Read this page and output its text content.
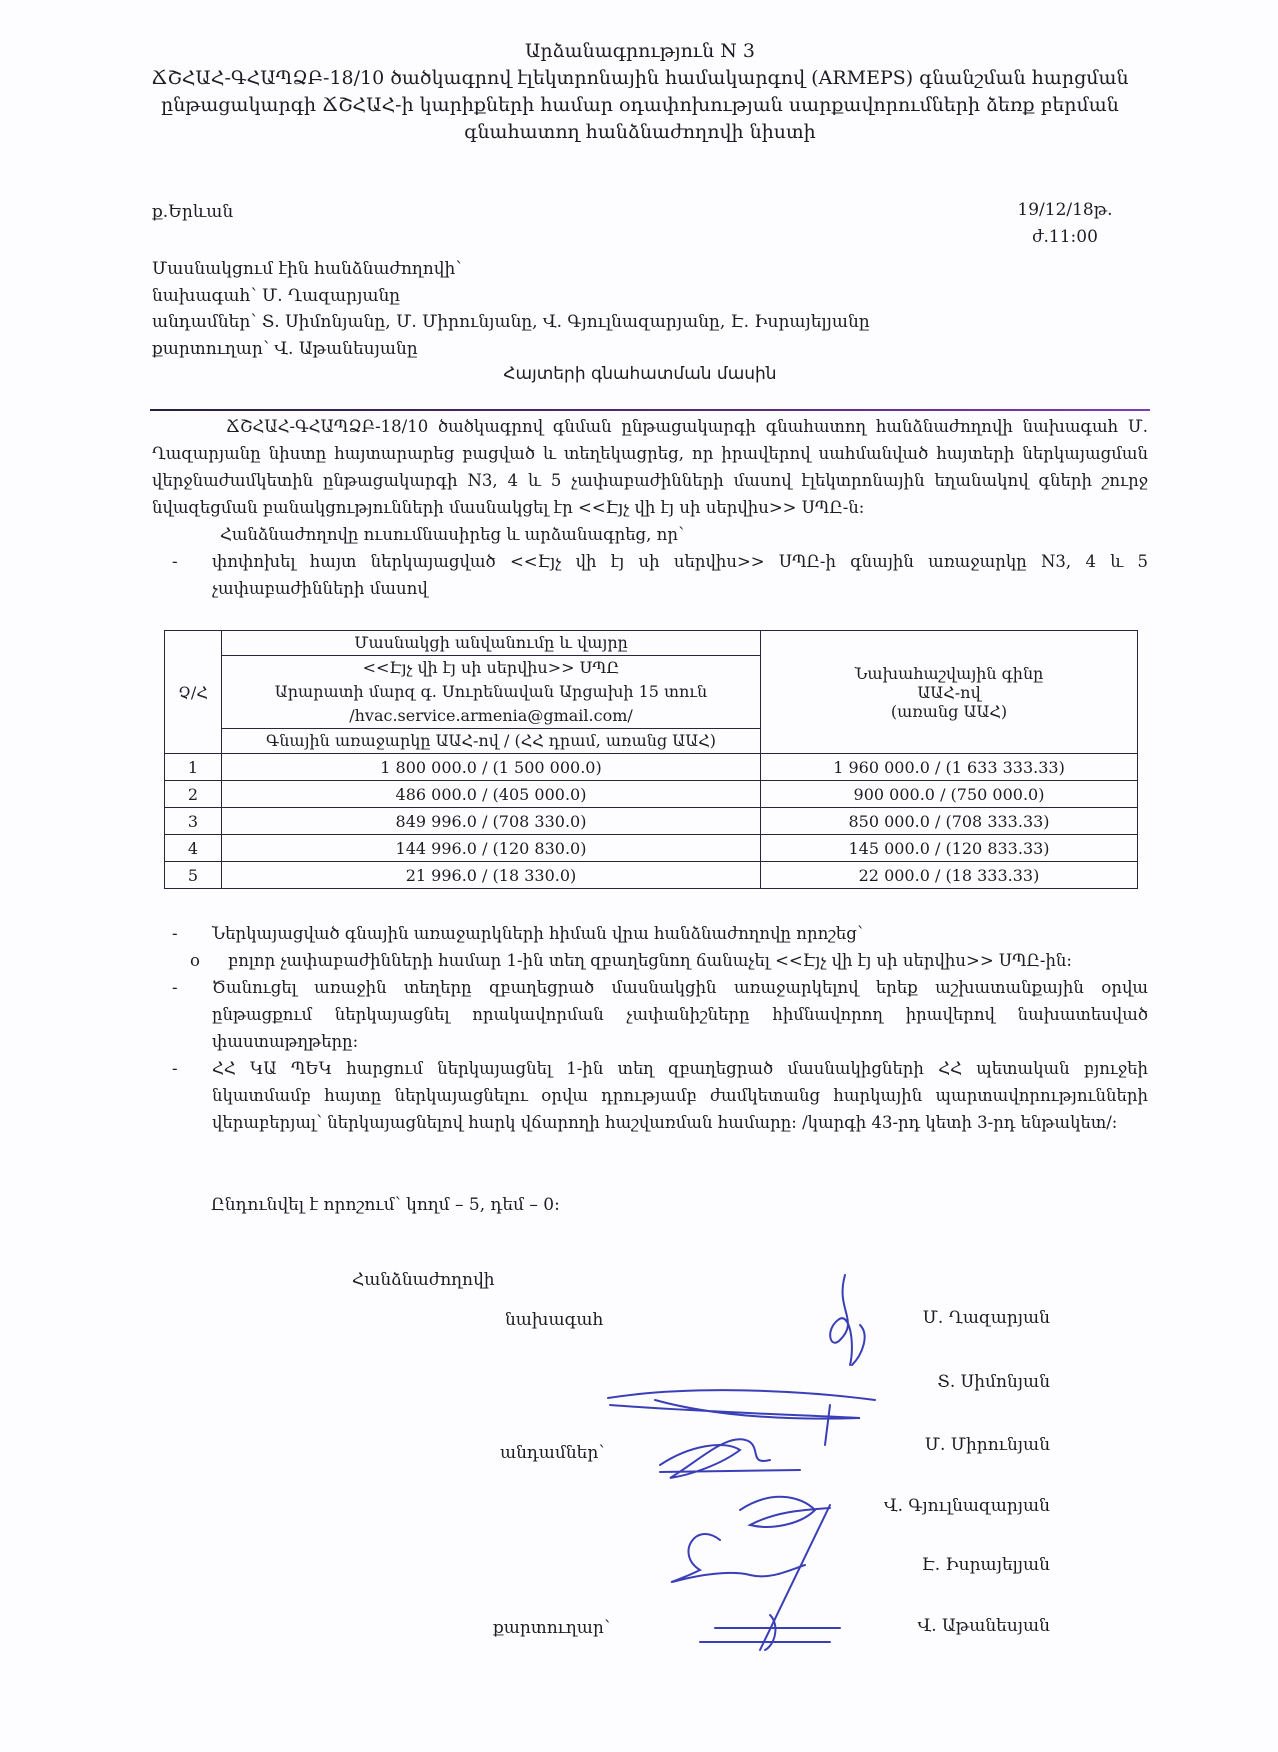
Արձանագրություն N 3
ՃՇՀԱՀ-ԳՀԱՊՁԲ-18/10 ծածկագրով էլեկտրոնային համակարգով (ARMEPS) գնանշման հարցման
ընթացակարգի ՃՇՀԱՀ-ի կարիքների համար օդափոխության սարքավորումների ձեռք բերման
գնահատող հանձնաժողովի նիստի
ք.Երևան	19/12/18թ.
ժ.11:00
Մասնակցում էին հանձնաժողովի՝
նախագահ՝ Մ. Ղազարյանը
անդամներ՝ Տ. Սիմոնյանը, Մ. Միրունյանը, Վ. Գյուլնազարյանը, Է. Իսրայելյանը
քարտուղար՝ Վ. Աթանեսյանը
Հայտերի գնահատման մասին

ՃՇՀԱՀ-ԳՀԱՊՁԲ-18/10 ծածկագրով գնման ընթացակարգի գնահատող հանձնաժողովի նախագահ Մ. Ղազարյանը նիստը հայտարարեց բացված և տեղեկացրեց, որ իրավերով սահմանված հայտերի ներկայացման վերջնաժամկետին ընթացակարգի N3, 4 և 5 չափաբաժինների մասով էլեկտրոնային եղանակով գների շուրջ նվազեցման բանակցությունների մասնակցել էր <<Էյչ վի էյ սի սերվիս>> ՍՊԸ-ն:

Հանձնաժողովը ուսումնասիրեց և արձանագրեց, որ՝

-	փոփոխել հայտ ներկայացված <<Էյչ վի էյ սի սերվիս>> ՍՊԸ-ի գնային առաջարկը N3, 4 և 5 չափաբաժինների մասով
Չ/Հ	Մասնակցի անվանումը և վայրը	Նախահաշվային գինը
ԱԱՀ-ով
(առանց ԱԱՀ)

	<<Էյչ վի էյ սի սերվիս>> ՍՊԸ
Արարատի մարզ գ. Սուրենավան Արցախի 15 տուն
/hvac.service.armenia@gmail.com/	

	Գնային առաջարկը ԱԱՀ-ով / (ՀՀ դրամ, առանց ԱԱՀ)	
1	1 800 000.0 / (1 500 000.0)	1 960 000.0 / (1 633 333.33)
2	486 000.0 / (405 000.0)	900 000.0 / (750 000.0)
3	849 996.0 / (708 330.0)	850 000.0 / (708 333.33)
4	144 996.0 / (120 830.0)	145 000.0 / (120 833.33)
5	21 996.0 / (18 330.0)	22 000.0 / (18 333.33)
-	Ներկայացված գնային առաջարկների հիման վրա հանձնաժողովը որոշեց՝
o	բոլոր չափաբաժինների համար 1-ին տեղ զբաղեցնող ճանաչել <<Էյչ վի էյ սի սերվիս>> ՍՊԸ-ին:
-	Ծանուցել առաջին տեղերը զբաղեցրած մասնակցին առաջարկելով երեք աշխատանքային օրվա ընթացքում ներկայացնել որակավորման չափանիշները հիմնավորող իրավերով նախատեսված փաստաթղթերը:
-	ՀՀ ԿԱ ՊԵԿ հարցում ներկայացնել 1-ին տեղ զբաղեցրած մասնակիցների ՀՀ պետական բյուջեի նկատմամբ հայտը ներկայացնելու օրվա դրությամբ ժամկետանց հարկային պարտավորությունների վերաբերյալ՝ ներկայացնելով հարկ վճարողի հաշվառման համարը: /կարգի 43-րդ կետի 3-րդ ենթակետ/:
Ընդունվել է որոշում՝ կողմ – 5, դեմ – 0:
Հանձնաժողովի
նախագահ
անդամներ՝
քարտուղար՝
Մ. Ղազարյան
Տ. Սիմոնյան
Մ. Միրունյան
Վ. Գյուլնազարյան
Է. Իսրայելյան
Վ. Աթանեսյան
